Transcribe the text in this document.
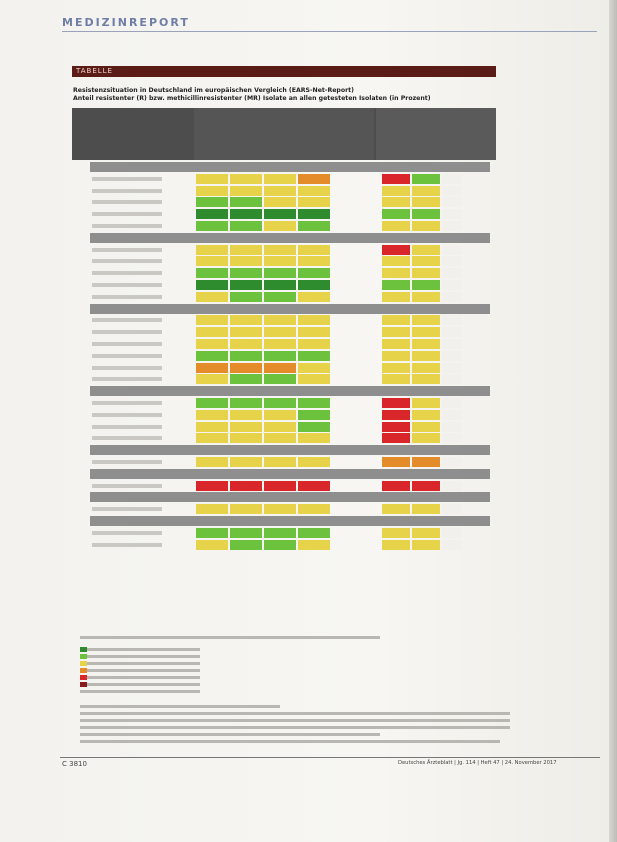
MEDIZINREPORT
TABELLE
Resistenzsituation in Deutschland im europäischen Vergleich (EARS-Net-Report)
Anteil resistenter (R) bzw. methicillinresistenter (MR) Isolate an allen getesteten Isolaten (in Prozent)
C 3810	Deutsches Ärzteblatt | Jg. 114 | Heft 47 | 24. November 2017
